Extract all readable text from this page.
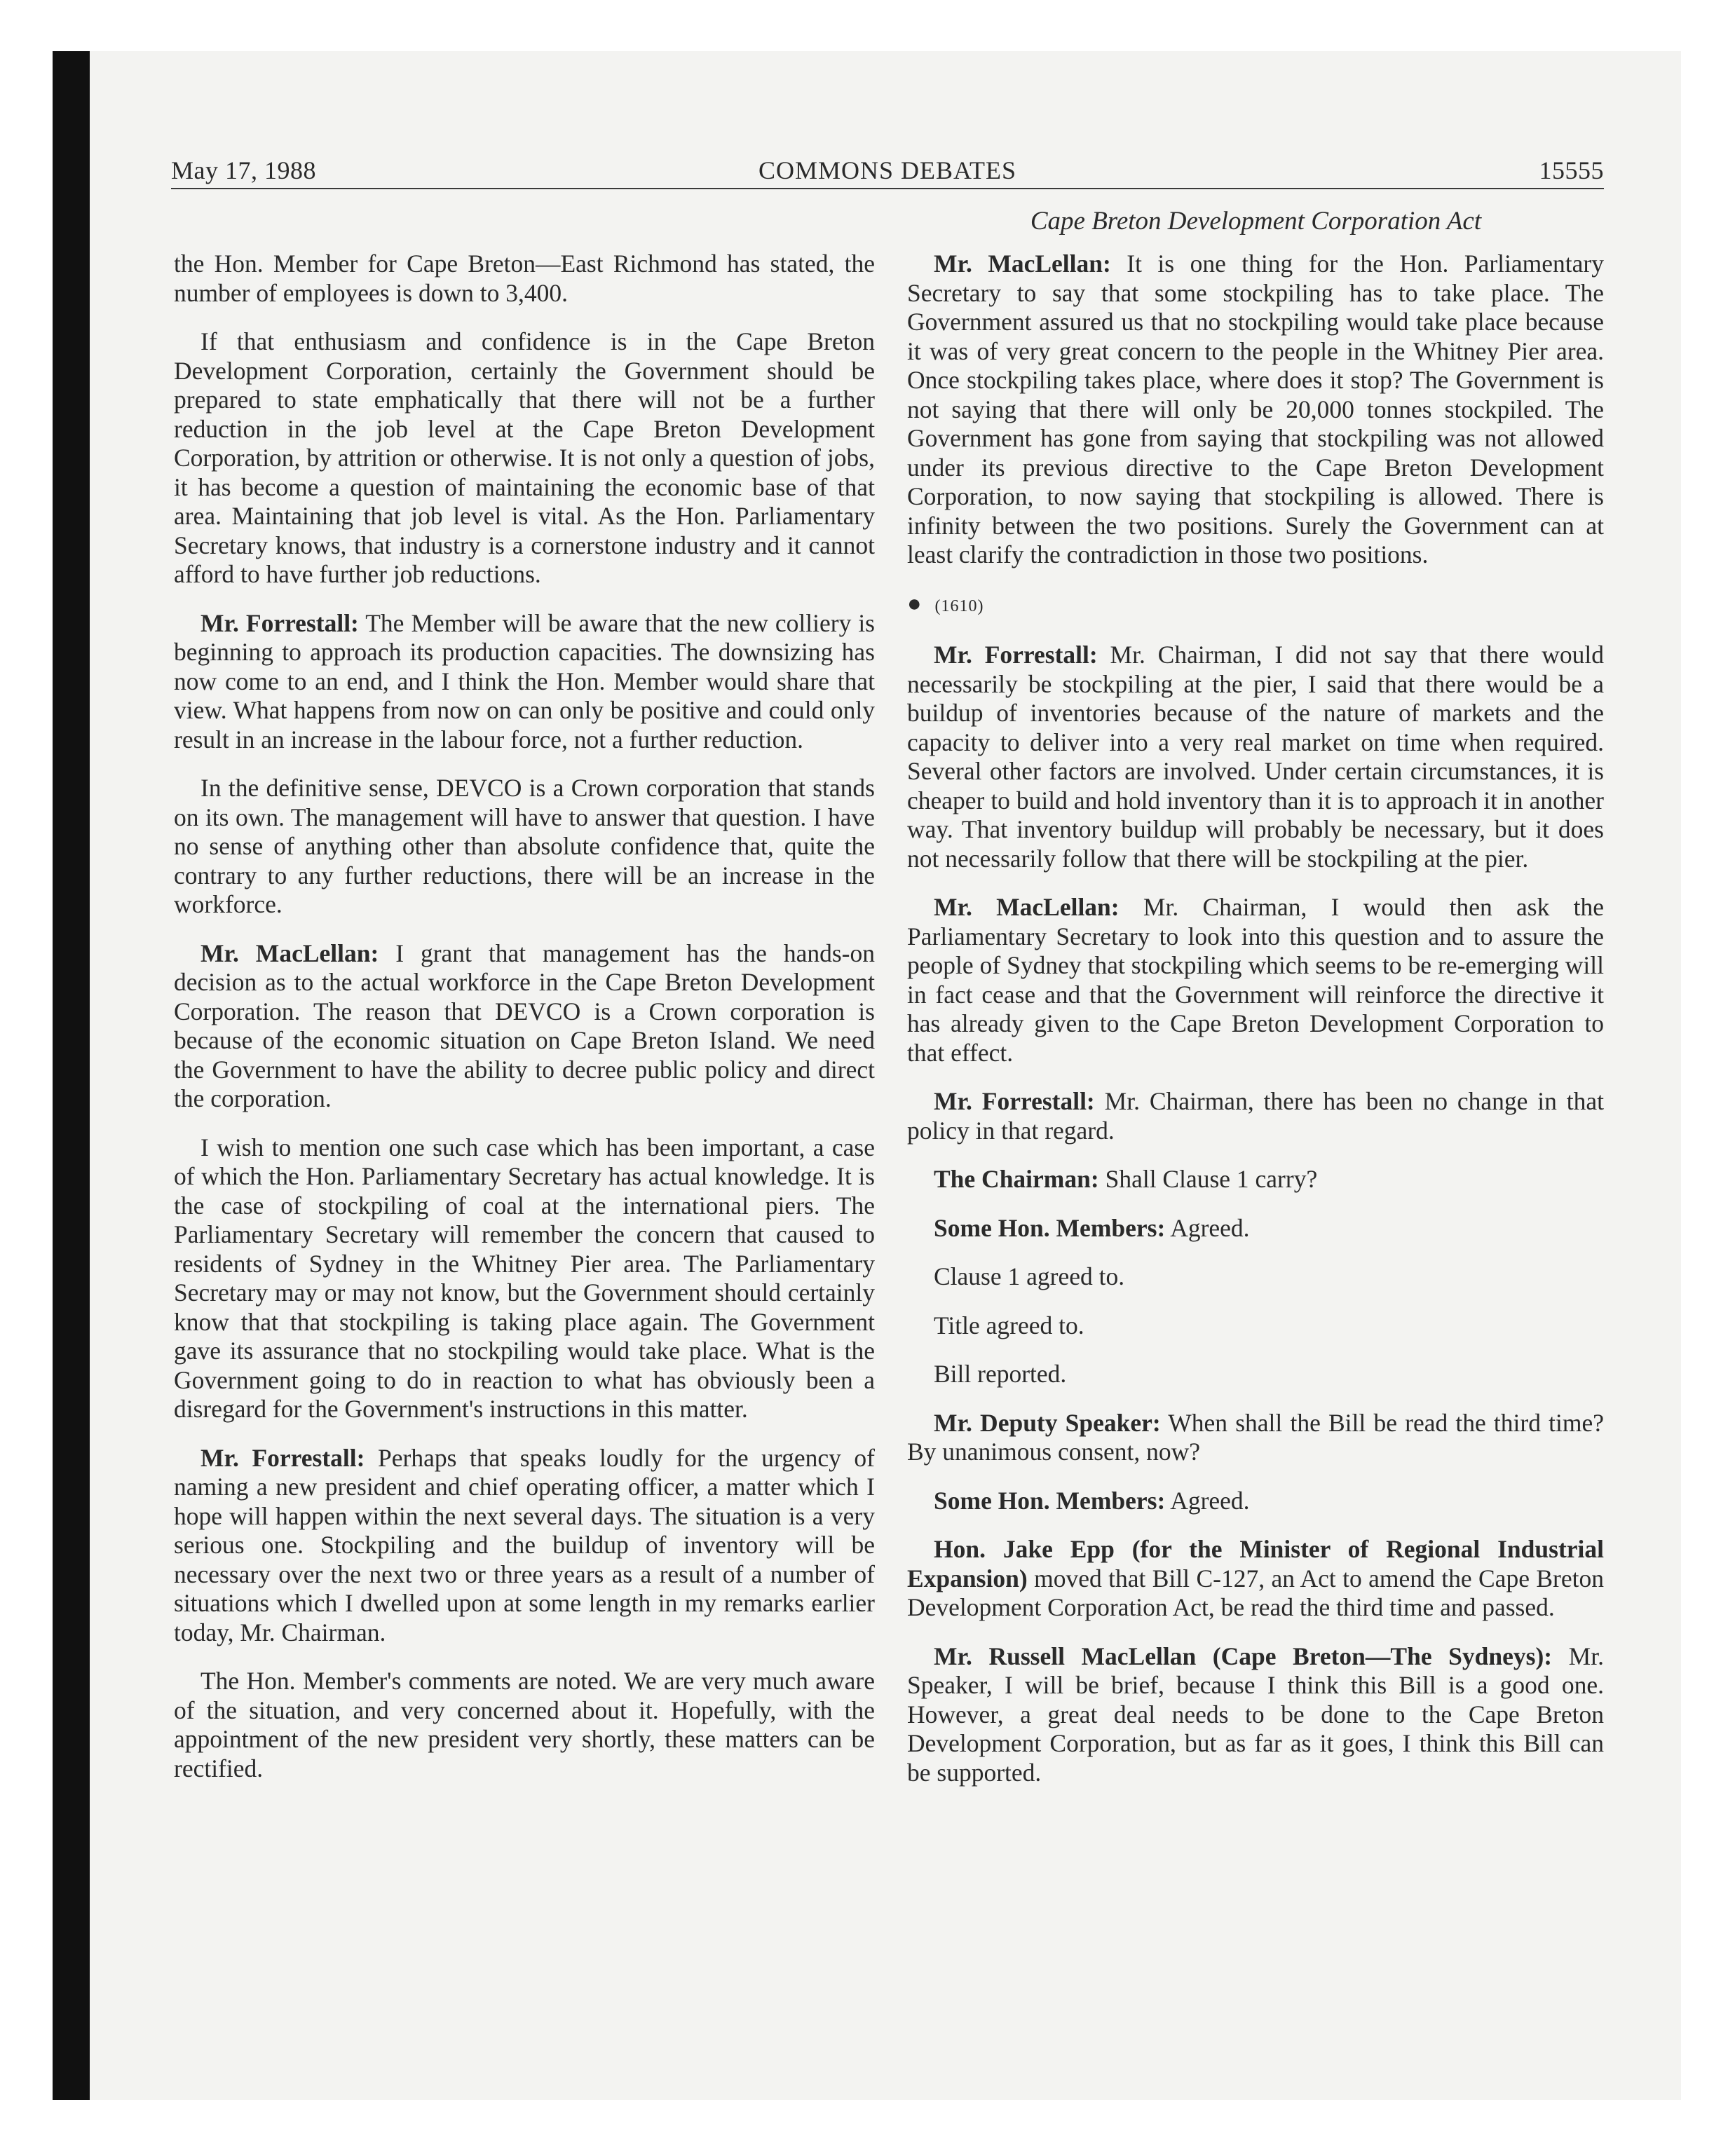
May 17, 1988	COMMONS DEBATES	15555
Cape Breton Development Corporation Act

the Hon. Member for Cape Breton—East Richmond has stated, the number of employees is down to 3,400.

If that enthusiasm and confidence is in the Cape Breton Development Corporation, certainly the Government should be prepared to state emphatically that there will not be a further reduction in the job level at the Cape Breton Development Corporation, by attrition or otherwise. It is not only a question of jobs, it has become a question of maintaining the economic base of that area. Maintaining that job level is vital. As the Hon. Parliamentary Secretary knows, that industry is a cornerstone industry and it cannot afford to have further job reductions.

Mr. Forrestall: The Member will be aware that the new colliery is beginning to approach its production capacities. The downsizing has now come to an end, and I think the Hon. Member would share that view. What happens from now on can only be positive and could only result in an increase in the labour force, not a further reduction.

In the definitive sense, DEVCO is a Crown corporation that stands on its own. The management will have to answer that question. I have no sense of anything other than absolute confidence that, quite the contrary to any further reductions, there will be an increase in the workforce.

Mr. MacLellan: I grant that management has the hands-on decision as to the actual workforce in the Cape Breton Development Corporation. The reason that DEVCO is a Crown corporation is because of the economic situation on Cape Breton Island. We need the Government to have the ability to decree public policy and direct the corporation.

I wish to mention one such case which has been important, a case of which the Hon. Parliamentary Secretary has actual knowledge. It is the case of stockpiling of coal at the international piers. The Parliamentary Secretary will remember the concern that caused to residents of Sydney in the Whitney Pier area. The Parliamentary Secretary may or may not know, but the Government should certainly know that that stockpiling is taking place again. The Government gave its assurance that no stockpiling would take place. What is the Government going to do in reaction to what has obviously been a disregard for the Government's instructions in this matter.

Mr. Forrestall: Perhaps that speaks loudly for the urgency of naming a new president and chief operating officer, a matter which I hope will happen within the next several days. The situation is a very serious one. Stockpiling and the buildup of inventory will be necessary over the next two or three years as a result of a number of situations which I dwelled upon at some length in my remarks earlier today, Mr. Chairman.

The Hon. Member's comments are noted. We are very much aware of the situation, and very concerned about it. Hopefully, with the appointment of the new president very shortly, these matters can be rectified.

Mr. MacLellan: It is one thing for the Hon. Parliamentary Secretary to say that some stockpiling has to take place. The Government assured us that no stockpiling would take place because it was of very great concern to the people in the Whitney Pier area. Once stockpiling takes place, where does it stop? The Government is not saying that there will only be 20,000 tonnes stockpiled. The Government has gone from saying that stockpiling was not allowed under its previous directive to the Cape Breton Development Corporation, to now saying that stockpiling is allowed. There is infinity between the two positions. Surely the Government can at least clarify the contradiction in those two positions.

● (1610)

Mr. Forrestall: Mr. Chairman, I did not say that there would necessarily be stockpiling at the pier, I said that there would be a buildup of inventories because of the nature of markets and the capacity to deliver into a very real market on time when required. Several other factors are involved. Under certain circumstances, it is cheaper to build and hold inventory than it is to approach it in another way. That inventory buildup will probably be necessary, but it does not necessarily follow that there will be stockpiling at the pier.

Mr. MacLellan: Mr. Chairman, I would then ask the Parliamentary Secretary to look into this question and to assure the people of Sydney that stockpiling which seems to be re-emerging will in fact cease and that the Government will reinforce the directive it has already given to the Cape Breton Development Corporation to that effect.

Mr. Forrestall: Mr. Chairman, there has been no change in that policy in that regard.

The Chairman: Shall Clause 1 carry?

Some Hon. Members: Agreed.

Clause 1 agreed to.

Title agreed to.

Bill reported.

Mr. Deputy Speaker: When shall the Bill be read the third time? By unanimous consent, now?

Some Hon. Members: Agreed.

Hon. Jake Epp (for the Minister of Regional Industrial Expansion) moved that Bill C-127, an Act to amend the Cape Breton Development Corporation Act, be read the third time and passed.

Mr. Russell MacLellan (Cape Breton—The Sydneys): Mr. Speaker, I will be brief, because I think this Bill is a good one. However, a great deal needs to be done to the Cape Breton Development Corporation, but as far as it goes, I think this Bill can be supported.
